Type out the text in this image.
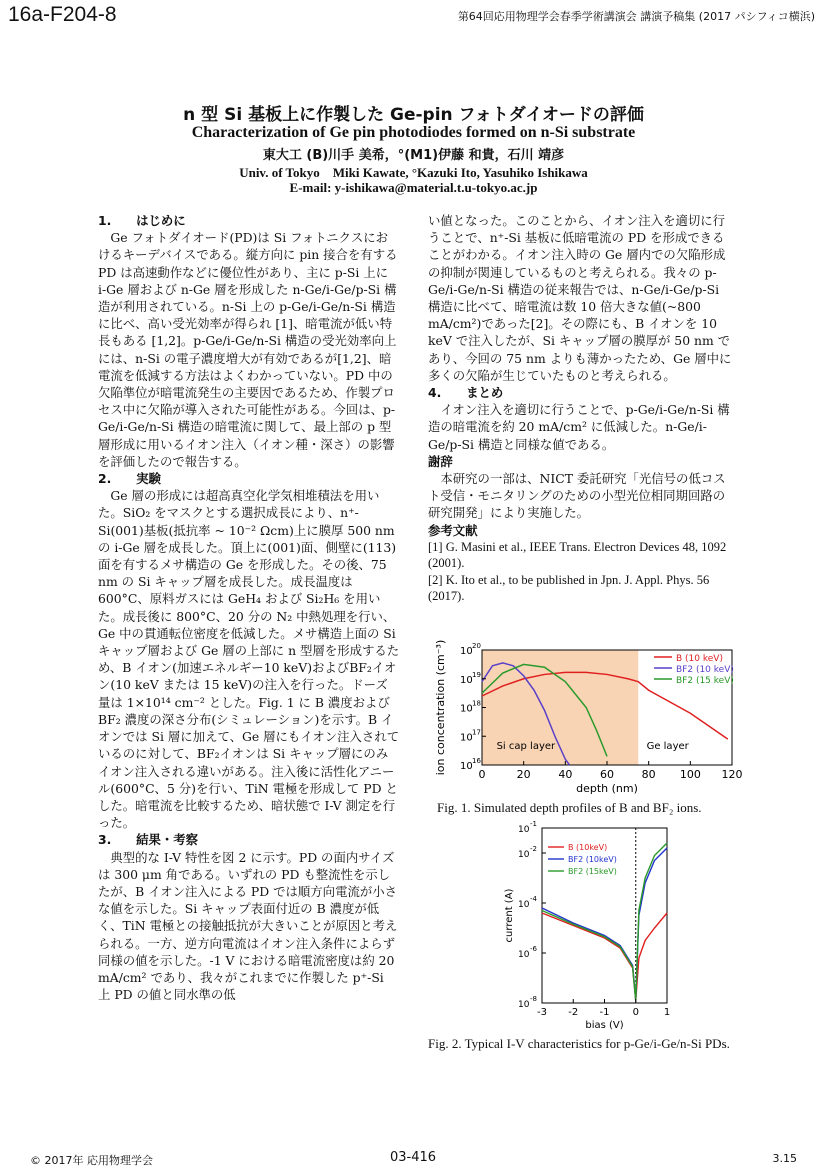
16a-F204-8	第64回応用物理学会春季学術講演会 講演予稿集 (2017 パシフィコ横浜)
n 型 Si 基板上に作製した Ge-pin フォトダイオードの評価
Characterization of Ge pin photodiodes formed on n-Si substrate
東大工 (B)川手 美希，°(M1)伊藤 和貴，石川 靖彦
Univ. of Tokyo　Miki Kawate, °Kazuki Ito, Yasuhiko Ishikawa
E-mail: y-ishikawa@material.t.u-tokyo.ac.jp
1.　　はじめに

　Ge フォトダイオード(PD)は Si フォトニクスにおけるキーデバイスである。縦方向に pin 接合を有する PD は高速動作などに優位性があり、主に p-Si 上に i-Ge 層および n-Ge 層を形成した n-Ge/i-Ge/p-Si 構造が利用されている。n-Si 上の p-Ge/i-Ge/n-Si 構造に比べ、高い受光効率が得られ [1]、暗電流が低い特長もある [1,2]。p-Ge/i-Ge/n-Si 構造の受光効率向上には、n-Si の電子濃度増大が有効であるが[1,2]、暗電流を低減する方法はよくわかっていない。PD 中の欠陥準位が暗電流発生の主要因であるため、作製プロセス中に欠陥が導入された可能性がある。今回は、p-Ge/i-Ge/n-Si 構造の暗電流に関して、最上部の p 型層形成に用いるイオン注入（イオン種・深さ）の影響を評価したので報告する。

2.　　実験

　Ge 層の形成には超高真空化学気相堆積法を用いた。SiO₂ をマスクとする選択成長により、n⁺-Si(001)基板(抵抗率 ~ 10⁻² Ωcm)上に膜厚 500 nm の i-Ge 層を成長した。頂上に(001)面、側壁に(113)面を有するメサ構造の Ge を形成した。その後、75 nm の Si キャップ層を成長した。成長温度は 600°C、原料ガスには GeH₄ および Si₂H₆ を用いた。成長後に 800°C、20 分の N₂ 中熱処理を行い、Ge 中の貫通転位密度を低減した。メサ構造上面の Si キャップ層および Ge 層の上部に n 型層を形成するため、B イオン(加速エネルギー10 keV)およびBF₂イオン(10 keV または 15 keV)の注入を行った。ドーズ量は 1×10¹⁴ cm⁻² とした。Fig. 1 に B 濃度および BF₂ 濃度の深さ分布(シミュレーション)を示す。B イオンでは Si 層に加えて、Ge 層にもイオン注入されているのに対して、BF₂イオンは Si キャップ層にのみイオン注入される違いがある。注入後に活性化アニール(600°C、5 分)を行い、TiN 電極を形成して PD とした。暗電流を比較するため、暗状態で I-V 測定を行った。

3.　　結果・考察

　典型的な I-V 特性を図 2 に示す。PD の面内サイズは 300 μm 角である。いずれの PD も整流性を示したが、B イオン注入による PD では順方向電流が小さな値を示した。Si キャップ表面付近の B 濃度が低く、TiN 電極との接触抵抗が大きいことが原因と考えられる。一方、逆方向電流はイオン注入条件によらず同様の値を示した。-1 V における暗電流密度は約 20 mA/cm² であり、我々がこれまでに作製した p⁺-Si 上 PD の値と同水準の低

い値となった。このことから、イオン注入を適切に行うことで、n⁺-Si 基板に低暗電流の PD を形成できることがわかる。イオン注入時の Ge 層内での欠陥形成の抑制が関連しているものと考えられる。我々の p-Ge/i-Ge/n-Si 構造の従来報告では、n-Ge/i-Ge/p-Si 構造に比べて、暗電流は数 10 倍大きな値(~800 mA/cm²)であった[2]。その際にも、B イオンを 10 keV で注入したが、Si キャップ層の膜厚が 50 nm であり、今回の 75 nm よりも薄かったため、Ge 層中に多くの欠陥が生じていたものと考えられる。

4.　　まとめ

　イオン注入を適切に行うことで、p-Ge/i-Ge/n-Si 構造の暗電流を約 20 mA/cm² に低減した。n-Ge/i-Ge/p-Si 構造と同様な値である。

謝辞

　本研究の一部は、NICT 委託研究「光信号の低コスト受信・モニタリングのための小型光位相同期回路の研究開発」により実施した。

参考文献
[1] G. Masini et al., IEEE Trans. Electron Devices 48, 1092 (2001).
[2] K. Ito et al., to be published in Jpn. J. Appl. Phys. 56 (2017).
0	20	40	60	80 100 120
10 16
10 17
10 18
10 19
10 20
depth (nm)
ion concentration (cm⁻³)	Si cap layer	Ge layer
B (10 keV)
BF2 (10 keV)
BF2 (15 keV)
Fig. 1. Simulated depth profiles of B and BF₂ ions.
-3 -2 -1 0 1
10
-8
10
-6
10
-4
10
-2
10
-1
bias (V)
current (A)
B (10keV)
BF2 (10keV)
BF2 (15keV)
Fig. 2. Typical I-V characteristics for p-Ge/i-Ge/n-Si PDs.
© 2017年 応用物理学会	03-416	3.15
